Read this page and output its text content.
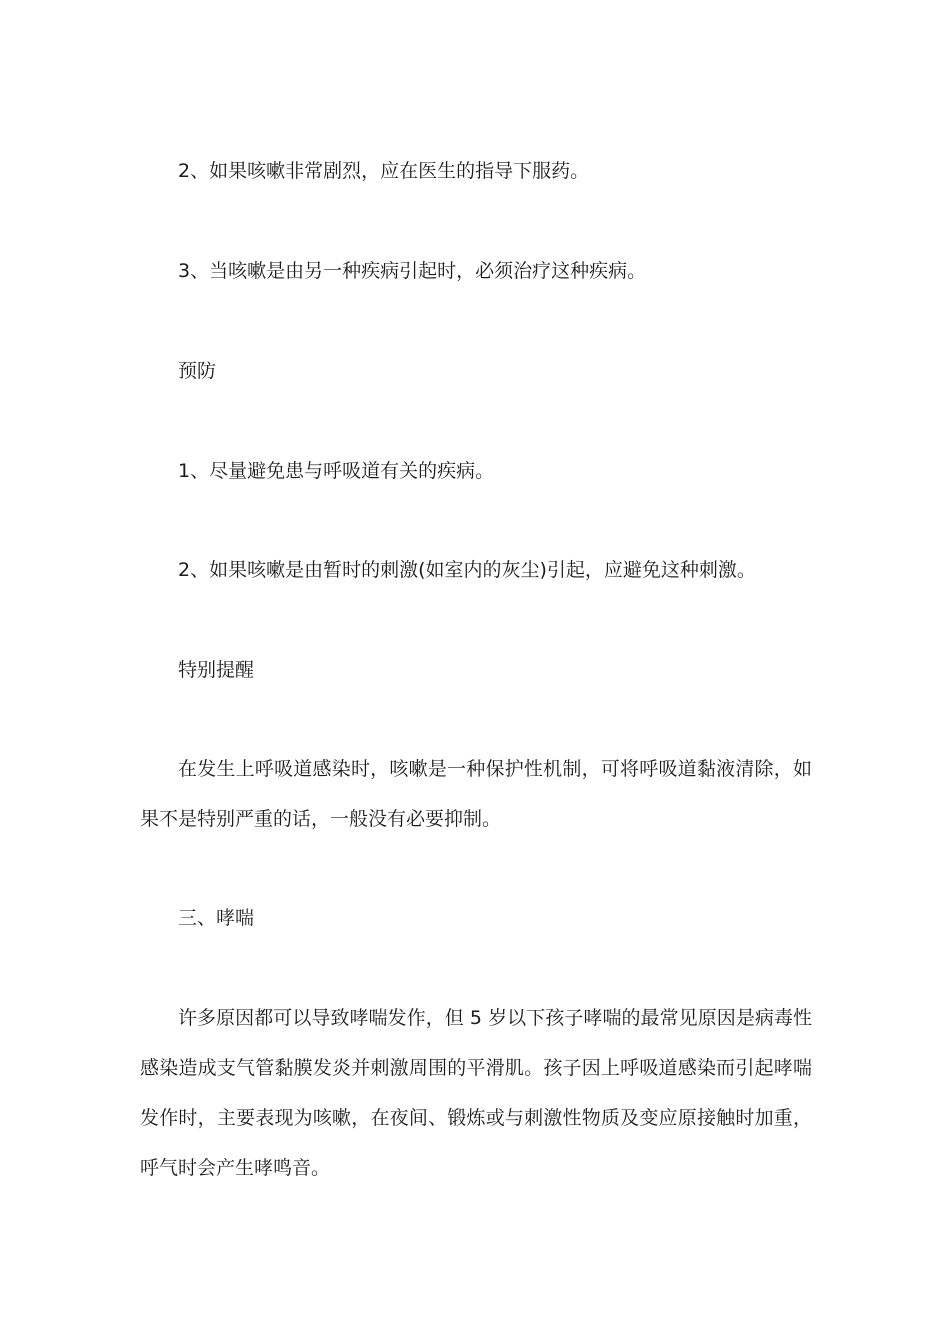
2、如果咳嗽非常剧烈，应在医生的指导下服药。

3、当咳嗽是由另一种疾病引起时，必须治疗这种疾病。

预防

1、尽量避免患与呼吸道有关的疾病。

2、如果咳嗽是由暂时的刺激(如室内的灰尘)引起，应避免这种刺激。

特别提醒

在发生上呼吸道感染时，咳嗽是一种保护性机制，可将呼吸道黏液清除，如果不是特别严重的话，一般没有必要抑制。

三、哮喘

许多原因都可以导致哮喘发作，但 5 岁以下孩子哮喘的最常见原因是病毒性感染造成支气管黏膜发炎并刺激周围的平滑肌。孩子因上呼吸道感染而引起哮喘发作时，主要表现为咳嗽，在夜间、锻炼或与刺激性物质及变应原接触时加重，呼气时会产生哮鸣音。
